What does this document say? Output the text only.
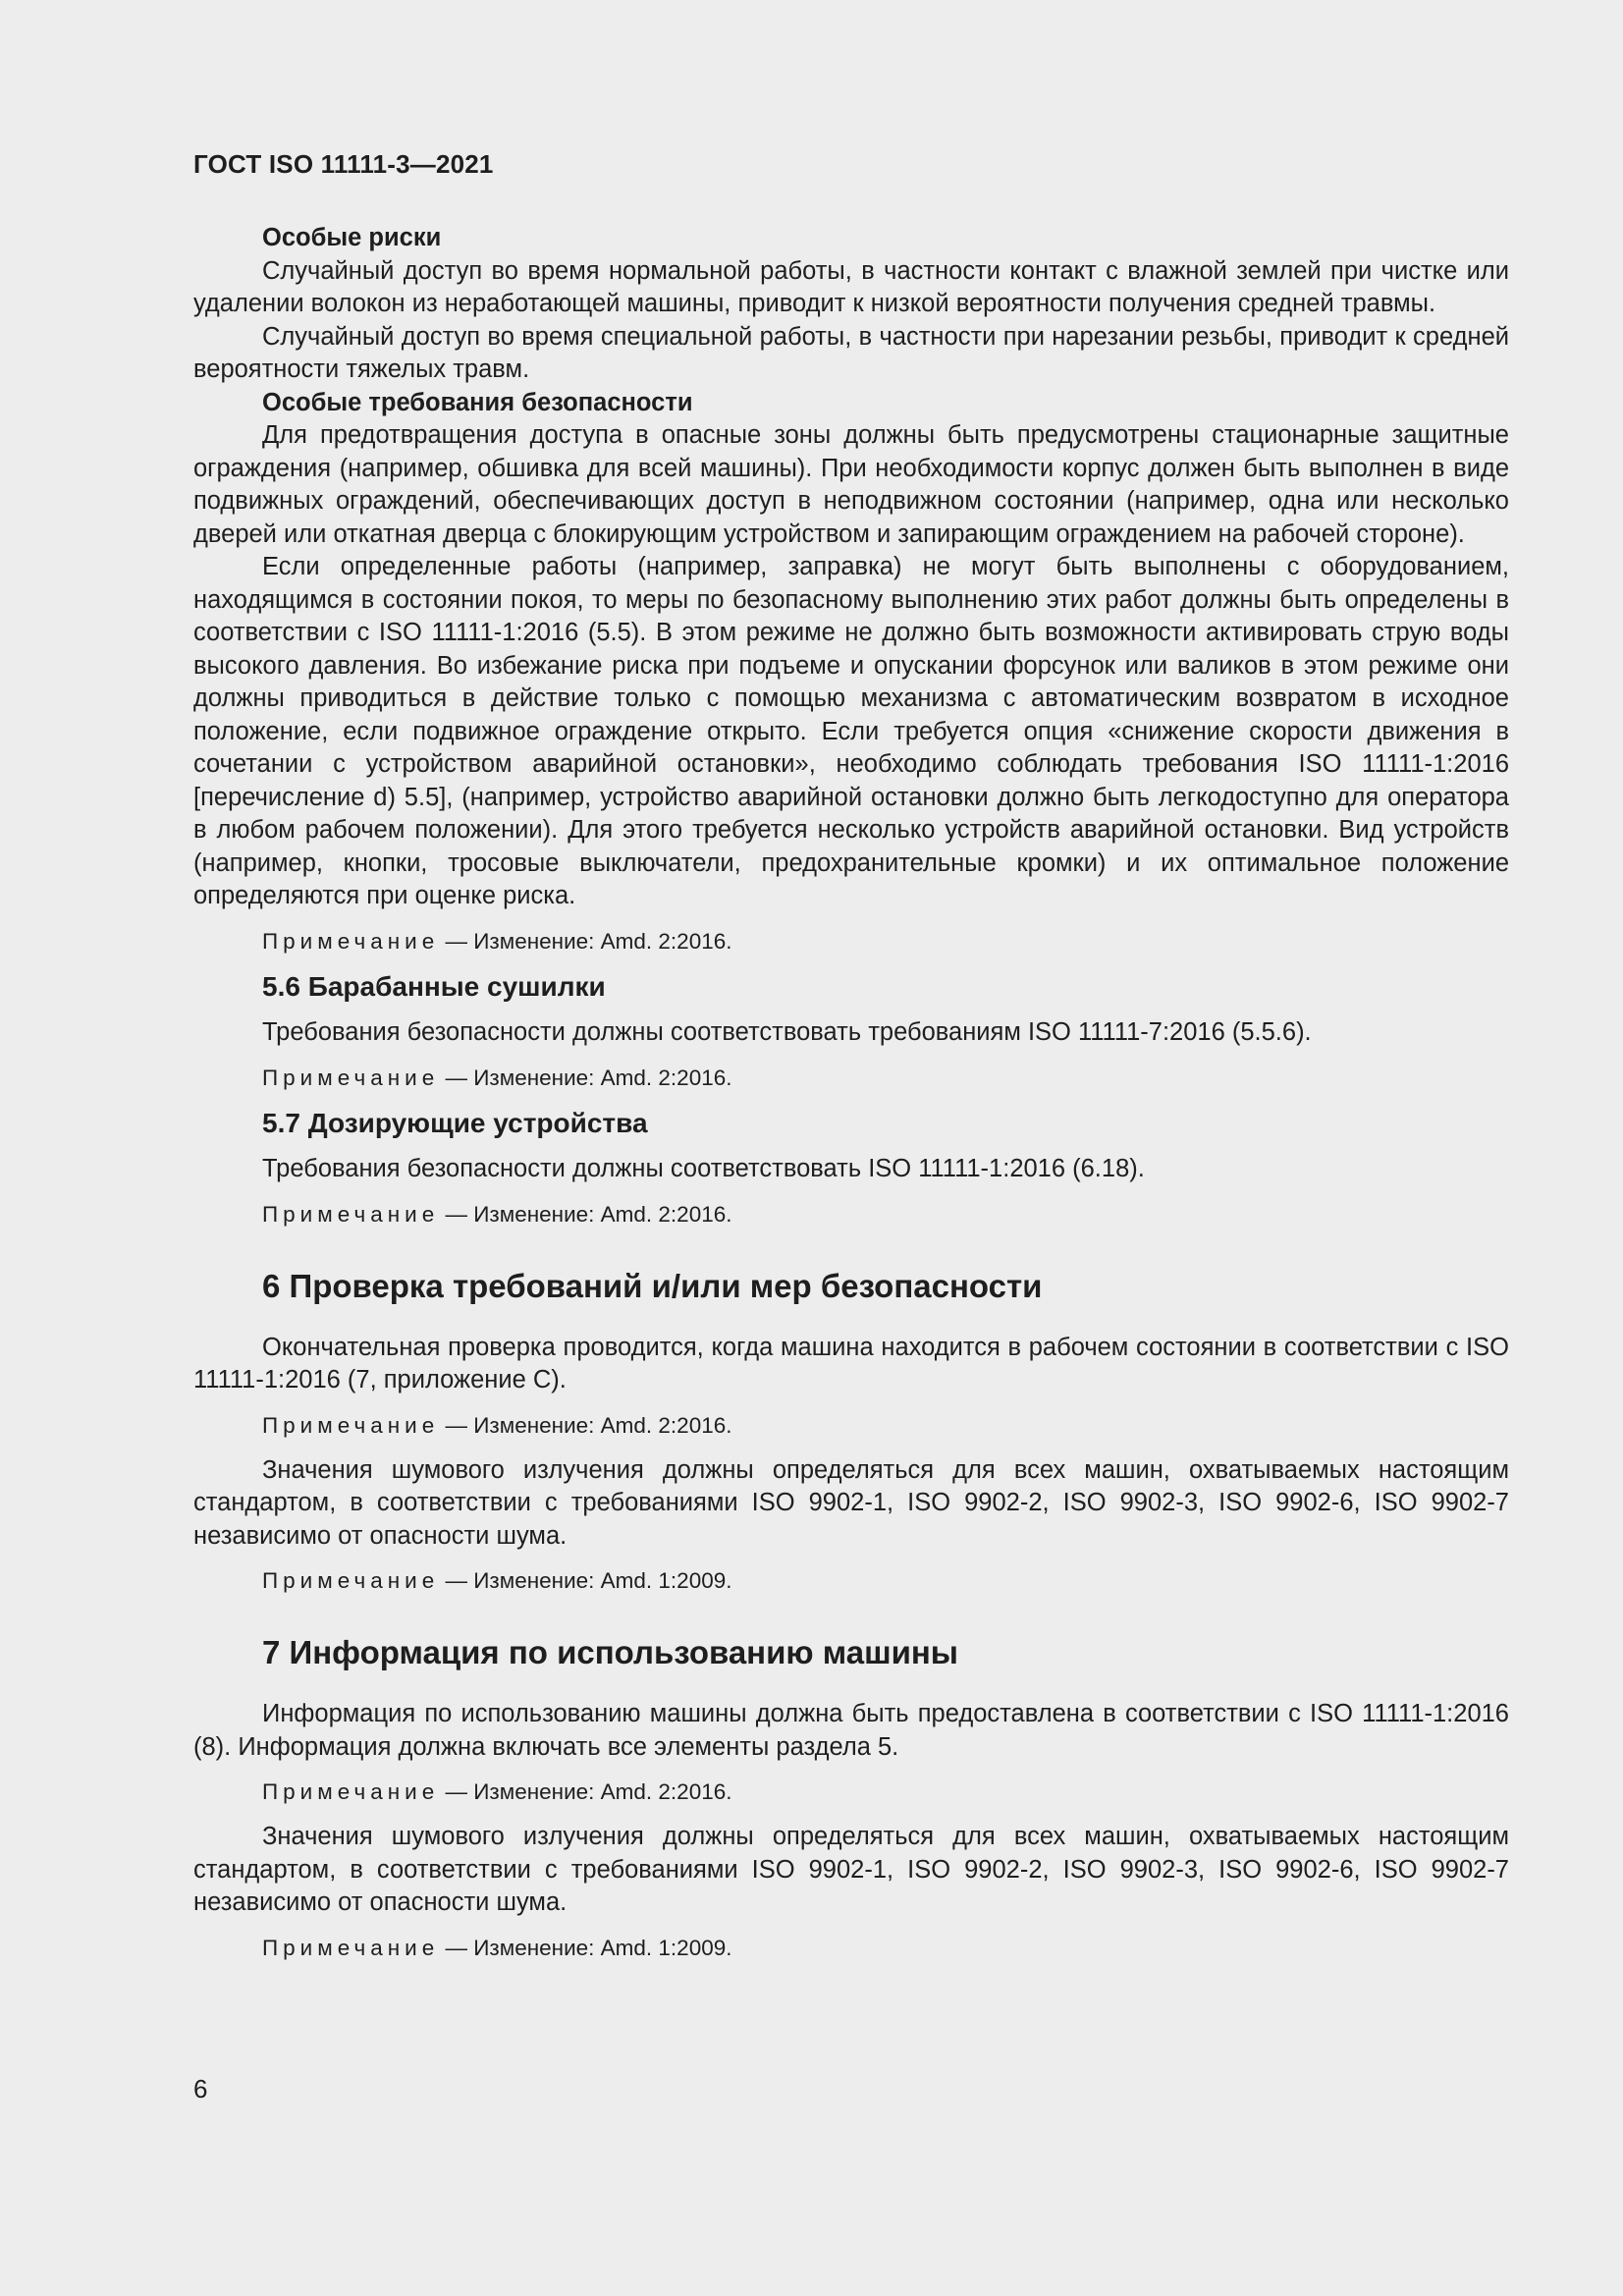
ГОСТ ISO 11111-3—2021

Особые риски

Случайный доступ во время нормальной работы, в частности контакт с влажной землей при чистке или удалении волокон из неработающей машины, приводит к низкой вероятности получения средней травмы.

Случайный доступ во время специальной работы, в частности при нарезании резьбы, приводит к средней вероятности тяжелых травм.

Особые требования безопасности

Для предотвращения доступа в опасные зоны должны быть предусмотрены стационарные защитные ограждения (например, обшивка для всей машины). При необходимости корпус должен быть выполнен в виде подвижных ограждений, обеспечивающих доступ в неподвижном состоянии (например, одна или несколько дверей или откатная дверца с блокирующим устройством и запирающим ограждением на рабочей стороне).

Если определенные работы (например, заправка) не могут быть выполнены с оборудованием, находящимся в состоянии покоя, то меры по безопасному выполнению этих работ должны быть определены в соответствии с ISO 11111-1:2016 (5.5). В этом режиме не должно быть возможности активировать струю воды высокого давления. Во избежание риска при подъеме и опускании форсунок или валиков в этом режиме они должны приводиться в действие только с помощью механизма с автоматическим возвратом в исходное положение, если подвижное ограждение открыто. Если требуется опция «снижение скорости движения в сочетании с устройством аварийной остановки», необходимо соблюдать требования ISO 11111-1:2016 [перечисление d) 5.5], (например, устройство аварийной остановки должно быть легкодоступно для оператора в любом рабочем положении). Для этого требуется несколько устройств аварийной остановки. Вид устройств (например, кнопки, тросовые выключатели, предохранительные кромки) и их оптимальное положение определяются при оценке риска.

Примечание — Изменение: Amd. 2:2016.

5.6 Барабанные сушилки

Требования безопасности должны соответствовать требованиям ISO 11111-7:2016 (5.5.6).

Примечание — Изменение: Amd. 2:2016.

5.7 Дозирующие устройства

Требования безопасности должны соответствовать ISO 11111-1:2016 (6.18).

Примечание — Изменение: Amd. 2:2016.

6 Проверка требований и/или мер безопасности

Окончательная проверка проводится, когда машина находится в рабочем состоянии в соответствии с ISO 11111-1:2016 (7, приложение C).

Примечание — Изменение: Amd. 2:2016.

Значения шумового излучения должны определяться для всех машин, охватываемых настоящим стандартом, в соответствии с требованиями ISO 9902-1, ISO 9902-2, ISO 9902-3, ISO 9902-6, ISO 9902-7 независимо от опасности шума.

Примечание — Изменение: Amd. 1:2009.

7 Информация по использованию машины

Информация по использованию машины должна быть предоставлена в соответствии с ISO 11111-1:2016 (8). Информация должна включать все элементы раздела 5.

Примечание — Изменение: Amd. 2:2016.

Значения шумового излучения должны определяться для всех машин, охватываемых настоящим стандартом, в соответствии с требованиями ISO 9902-1, ISO 9902-2, ISO 9902-3, ISO 9902-6, ISO 9902-7 независимо от опасности шума.

Примечание — Изменение: Amd. 1:2009.

6
